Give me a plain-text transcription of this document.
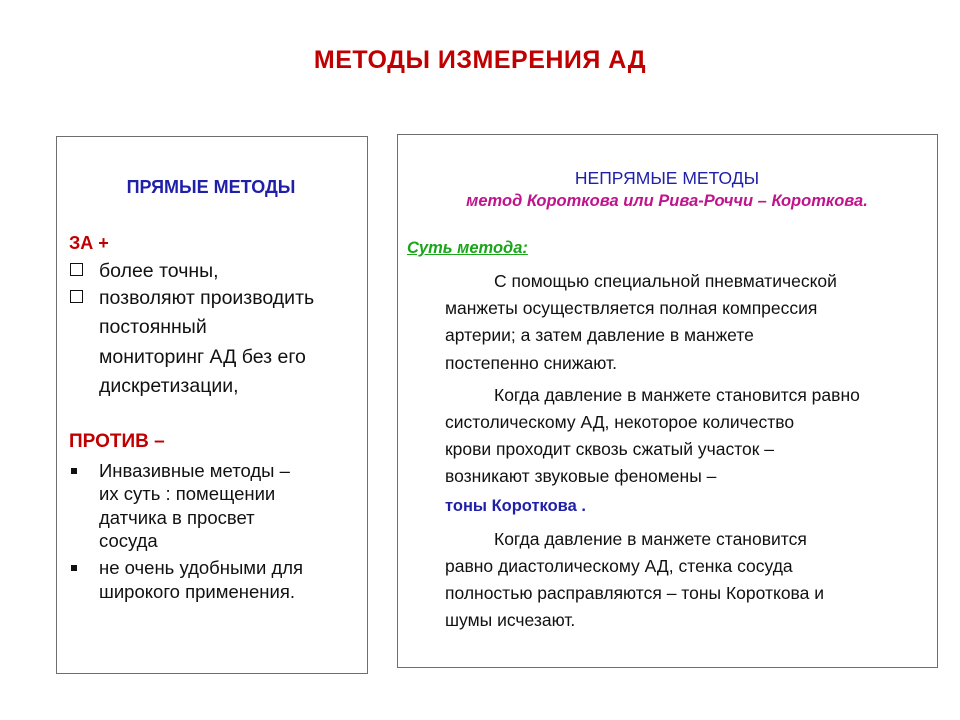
МЕТОДЫ ИЗМЕРЕНИЯ АД
ПРЯМЫЕ МЕТОДЫ
ЗА +
более точны,
позволяют производить
постоянный
мониторинг АД без его
дискретизации,
ПРОТИВ –
Инвазивные методы –
их суть : помещении
датчика в просвет
сосуда
не очень удобными для
широкого применения.
НЕПРЯМЫЕ МЕТОДЫ
метод Короткова или Рива-Роччи – Короткова.
Суть метода:
С помощью специальной пневматической
манжеты осуществляется полная компрессия
артерии; а затем давление в манжете
постепенно снижают.
Когда давление в манжете становится равно
систолическому АД, некоторое количество
крови проходит сквозь сжатый участок –
возникают звуковые феномены –
тоны Короткова .
Когда давление в манжете становится
равно диастолическому АД, стенка сосуда
полностью расправляются – тоны Короткова и
шумы исчезают.
